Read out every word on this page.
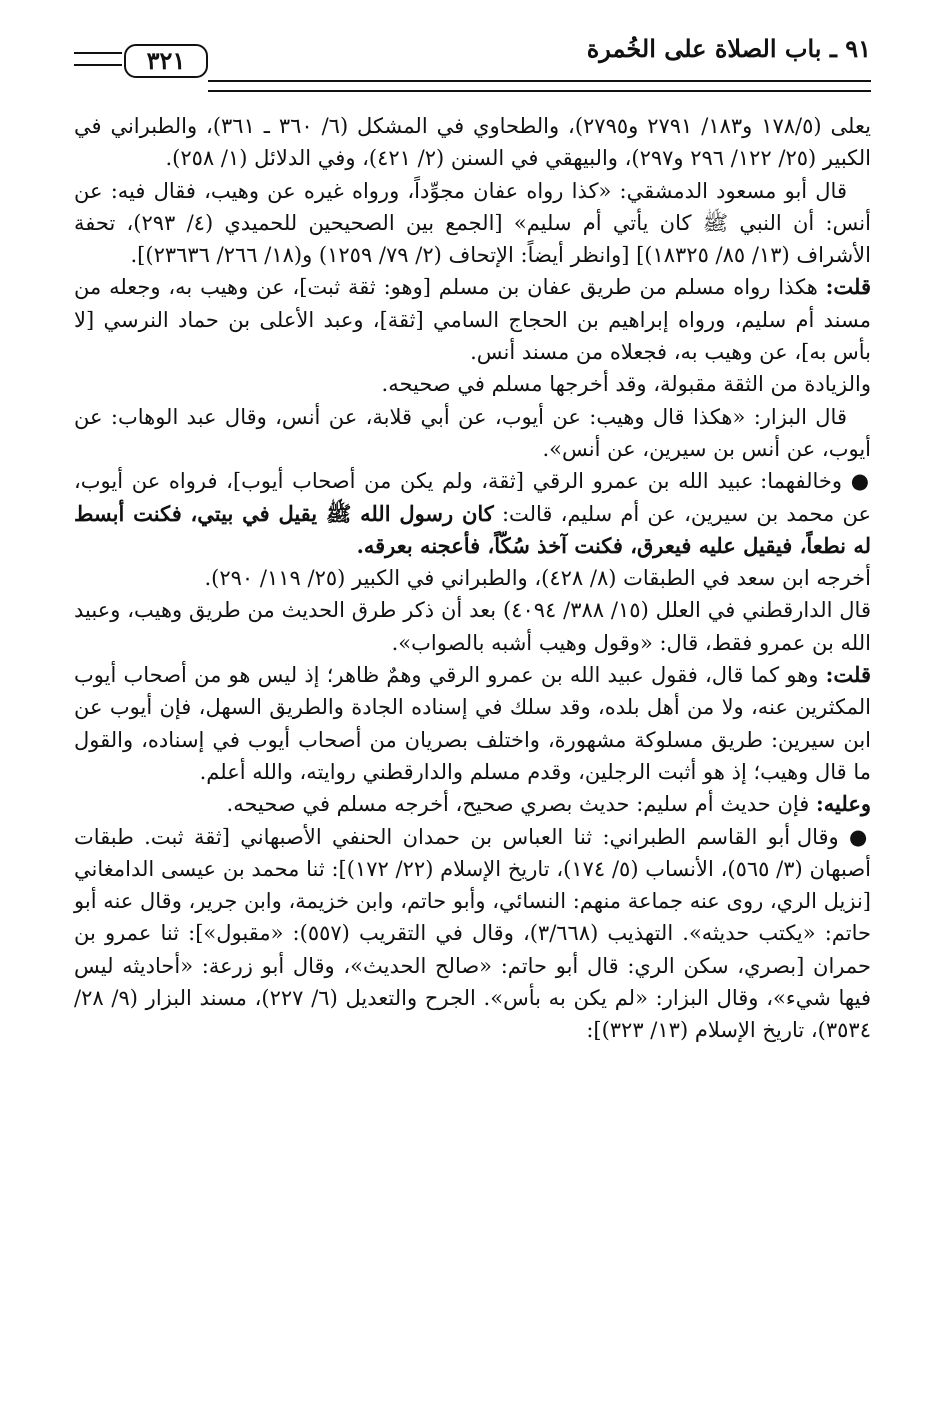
٩١ ـ باب الصلاة على الخُمرة
٣٢١

يعلى (١٧٨/٥ و١٨٣/ ٢٧٩١ و٢٧٩٥)، والطحاوي في المشكل (٦/ ٣٦٠ ـ ٣٦١)، والطبراني في الكبير (٢٥/ ١٢٢/ ٢٩٦ و٢٩٧)، والبيهقي في السنن (٢/ ٤٢١)، وفي الدلائل (١/ ٢٥٨).

قال أبو مسعود الدمشقي: «كذا رواه عفان مجوِّداً، ورواه غيره عن وهيب، فقال فيه: عن أنس: أن النبي ﷺ كان يأتي أم سليم» [الجمع بين الصحيحين للحميدي (٤/ ٢٩٣)، تحفة الأشراف (١٣/ ٨٥/ ١٨٣٢٥)] [وانظر أيضاً: الإتحاف (٢/ ٧٩/ ١٢٥٩) و(١٨/ ٢٦٦/ ٢٣٦٣٦)].

قلت: هكذا رواه مسلم من طريق عفان بن مسلم [وهو: ثقة ثبت]، عن وهيب به، وجعله من مسند أم سليم، ورواه إبراهيم بن الحجاج السامي [ثقة]، وعبد الأعلى بن حماد النرسي [لا بأس به]، عن وهيب به، فجعلاه من مسند أنس.

والزيادة من الثقة مقبولة، وقد أخرجها مسلم في صحيحه.

قال البزار: «هكذا قال وهيب: عن أيوب، عن أبي قلابة، عن أنس، وقال عبد الوهاب: عن أيوب، عن أنس بن سيرين، عن أنس».

● وخالفهما: عبيد الله بن عمرو الرقي [ثقة، ولم يكن من أصحاب أيوب]، فرواه عن أيوب، عن محمد بن سيرين، عن أم سليم، قالت: كان رسول الله ﷺ يقيل في بيتي، فكنت أبسط له نطعاً، فيقيل عليه فيعرق، فكنت آخذ سُكّاً، فأعجنه بعرقه.

أخرجه ابن سعد في الطبقات (٨/ ٤٢٨)، والطبراني في الكبير (٢٥/ ١١٩/ ٢٩٠).

قال الدارقطني في العلل (١٥/ ٣٨٨/ ٤٠٩٤) بعد أن ذكر طرق الحديث من طريق وهيب، وعبيد الله بن عمرو فقط، قال: «وقول وهيب أشبه بالصواب».

قلت: وهو كما قال، فقول عبيد الله بن عمرو الرقي وهمٌ ظاهر؛ إذ ليس هو من أصحاب أيوب المكثرين عنه، ولا من أهل بلده، وقد سلك في إسناده الجادة والطريق السهل، فإن أيوب عن ابن سيرين: طريق مسلوكة مشهورة، واختلف بصريان من أصحاب أيوب في إسناده، والقول ما قال وهيب؛ إذ هو أثبت الرجلين، وقدم مسلم والدارقطني روايته، والله أعلم.

وعليه: فإن حديث أم سليم: حديث بصري صحيح، أخرجه مسلم في صحيحه.

● وقال أبو القاسم الطبراني: ثنا العباس بن حمدان الحنفي الأصبهاني [ثقة ثبت. طبقات أصبهان (٣/ ٥٦٥)، الأنساب (٥/ ١٧٤)، تاريخ الإسلام (٢٢/ ١٧٢)]: ثنا محمد بن عيسى الدامغاني [نزيل الري، روى عنه جماعة منهم: النسائي، وأبو حاتم، وابن خزيمة، وابن جرير، وقال عنه أبو حاتم: «يكتب حديثه». التهذيب (٣/٦٦٨)، وقال في التقريب (٥٥٧): «مقبول»]: ثنا عمرو بن حمران [بصري، سكن الري: قال أبو حاتم: «صالح الحديث»، وقال أبو زرعة: «أحاديثه ليس فيها شيء»، وقال البزار: «لم يكن به بأس». الجرح والتعديل (٦/ ٢٢٧)، مسند البزار (٩/ ٢٨/ ٣٥٣٤)، تاريخ الإسلام (١٣/ ٣٢٣)]:
